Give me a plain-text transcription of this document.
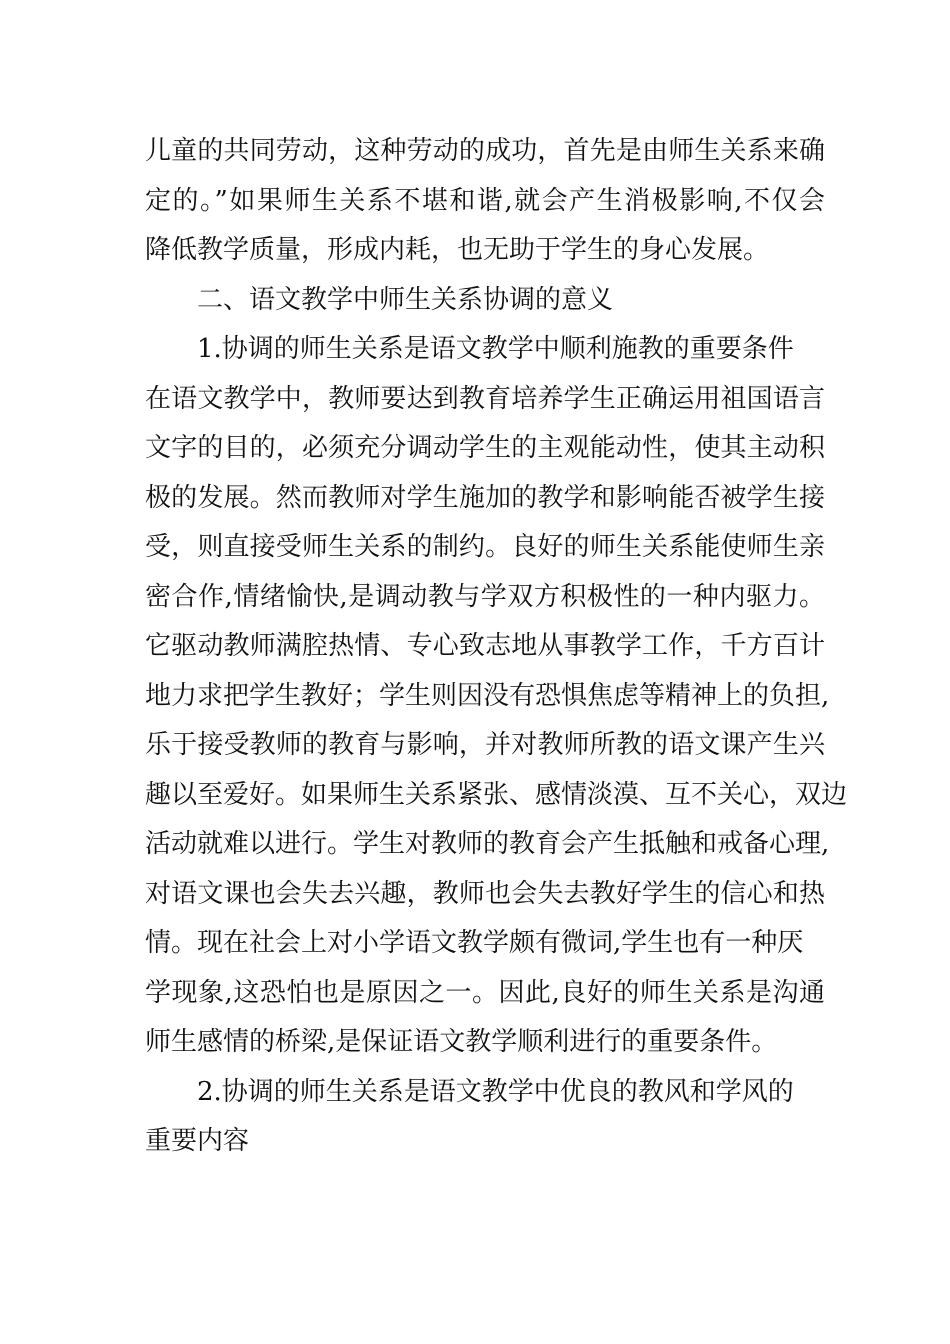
儿童的共同劳动，这种劳动的成功，首先是由师生关系来确
定的。”如果师生关系不堪和谐,就会产生消极影响,不仅会
降低教学质量，形成内耗，也无助于学生的身心发展。
二、语文教学中师生关系协调的意义
1.协调的师生关系是语文教学中顺利施教的重要条件
在语文教学中，教师要达到教育培养学生正确运用祖国语言
文字的目的，必须充分调动学生的主观能动性，使其主动积
极的发展。然而教师对学生施加的教学和影响能否被学生接
受，则直接受师生关系的制约。良好的师生关系能使师生亲
密合作,情绪愉快,是调动教与学双方积极性的一种内驱力。
它驱动教师满腔热情、专心致志地从事教学工作，千方百计
地力求把学生教好；学生则因没有恐惧焦虑等精神上的负担,
乐于接受教师的教育与影响，并对教师所教的语文课产生兴
趣以至爱好。如果师生关系紧张、感情淡漠、互不关心，双边
活动就难以进行。学生对教师的教育会产生抵触和戒备心理,
对语文课也会失去兴趣，教师也会失去教好学生的信心和热
情。现在社会上对小学语文教学颇有微词,学生也有一种厌
学现象,这恐怕也是原因之一。因此,良好的师生关系是沟通
师生感情的桥梁,是保证语文教学顺利进行的重要条件。
2.协调的师生关系是语文教学中优良的教风和学风的
重要内容
